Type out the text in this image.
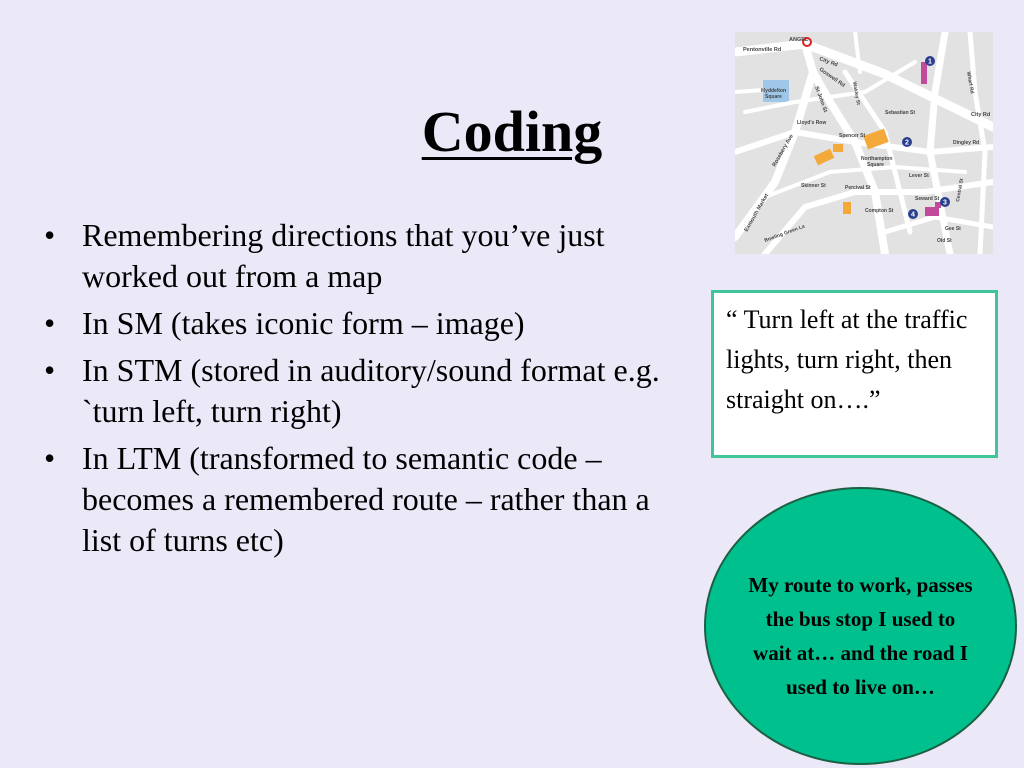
Coding
• Remembering directions that you’ve just worked out from a map
• In SM (takes iconic form – image)
• In STM (stored in auditory/sound format e.g. `turn left, turn right)
• In LTM (transformed to semantic code – becomes a remembered route – rather than a list of turns etc)
1
2
3
4
ANGEL
Pentonville Rd
City Rd
City Rd
Goswell Rd
Myddelton
Square
Northampton
Square
Rosebery Ave
Exmouth Market
St John St
Spencer St
Percival St
Lever St
Old St
Wharf Rd
Skinner St
Bowling Green La
Dingley Rd
Central St
Seward St
Lloyd's Row
Gee St
Compton St
Sebastian St
Wakley St
“ Turn left at the traffic lights, turn right, then straight on….”
My route to work, passes the bus stop I used to wait at… and the road I used to live on…
